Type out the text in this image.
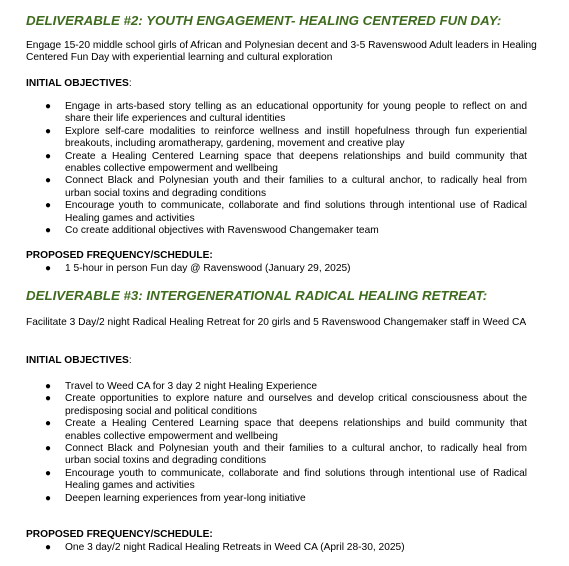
DELIVERABLE #2: YOUTH ENGAGEMENT- HEALING CENTERED FUN DAY:

Engage 15-20 middle school girls of African and Polynesian decent and 3-5 Ravenswood Adult leaders in Healing Centered Fun Day with experiential learning and cultural exploration

INITIAL OBJECTIVES:

● Engage in arts-based story telling as an educational opportunity for young people to reflect on and share their life experiences and cultural identities
● Explore self-care modalities to reinforce wellness and instill hopefulness through fun experiential breakouts, including aromatherapy, gardening, movement and creative play
● Create a Healing Centered Learning space that deepens relationships and build community that enables collective empowerment and wellbeing
● Connect Black and Polynesian youth and their families to a cultural anchor, to radically heal from urban social toxins and degrading conditions
● Encourage youth to communicate, collaborate and find solutions through intentional use of Radical Healing games and activities
● Co create additional objectives with Ravenswood Changemaker team

PROPOSED FREQUENCY/SCHEDULE:

● 1 5-hour in person Fun day @ Ravenswood (January 29, 2025)
DELIVERABLE #3: INTERGENERATIONAL RADICAL HEALING RETREAT:

Facilitate 3 Day/2 night Radical Healing Retreat for 20 girls and 5 Ravenswood Changemaker staff in Weed CA

INITIAL OBJECTIVES:

● Travel to Weed CA for 3 day 2 night Healing Experience
● Create opportunities to explore nature and ourselves and develop critical consciousness about the predisposing social and political conditions
● Create a Healing Centered Learning space that deepens relationships and build community that enables collective empowerment and wellbeing
● Connect Black and Polynesian youth and their families to a cultural anchor, to radically heal from urban social toxins and degrading conditions
● Encourage youth to communicate, collaborate and find solutions through intentional use of Radical Healing games and activities
● Deepen learning experiences from year-long initiative

PROPOSED FREQUENCY/SCHEDULE:

● One 3 day/2 night Radical Healing Retreats in Weed CA (April 28-30, 2025)
